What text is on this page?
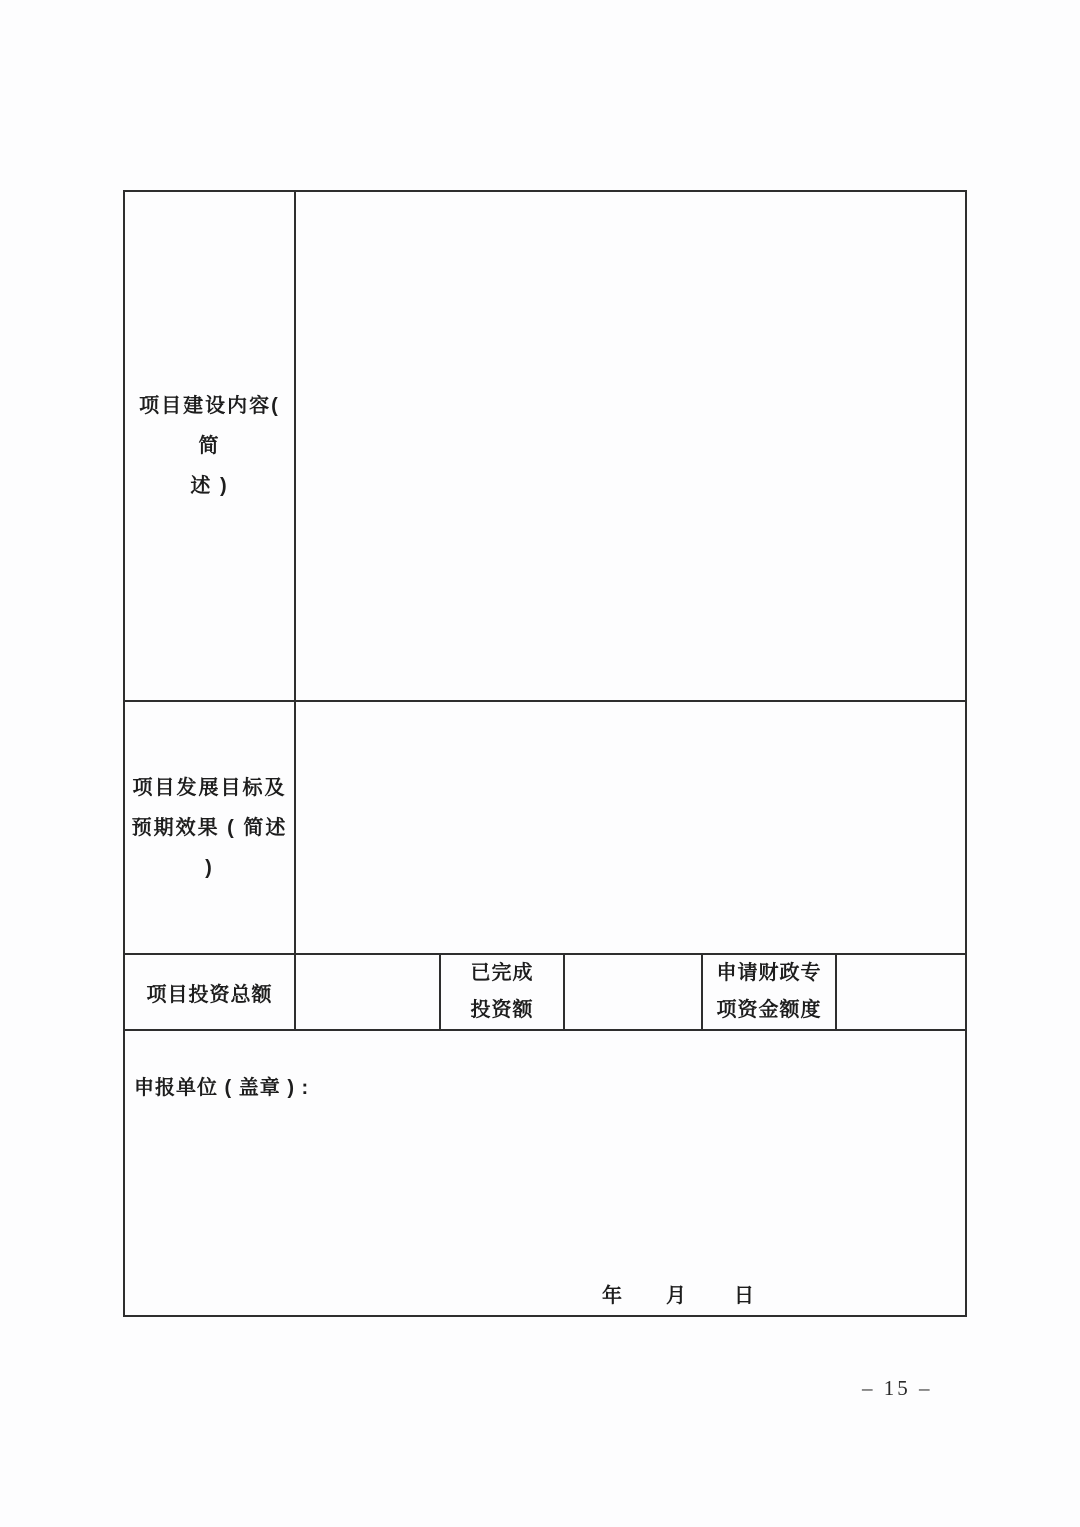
项目建设内容( 简
述 )
项目发展目标及
预期效果 ( 简述 )
项目投资总额
已完成
投资额
申请财政专
项资金额度
申报单位 ( 盖章 ) :
年 月 日
– 15 –
